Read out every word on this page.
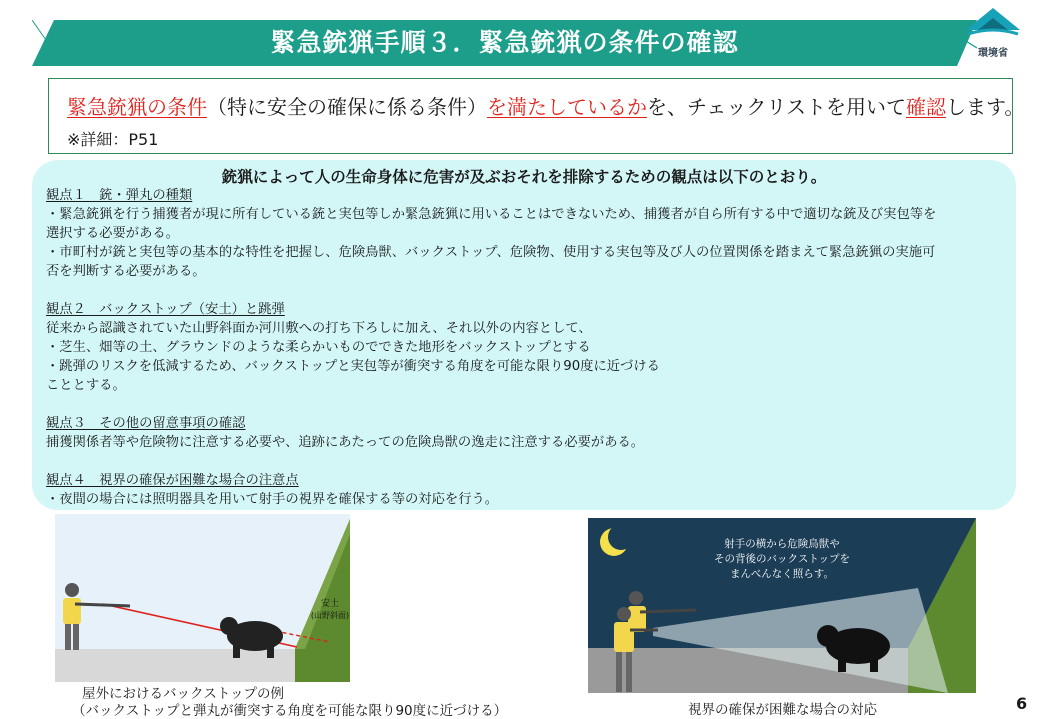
緊急銃猟手順３．緊急銃猟の条件の確認	環境省
緊急銃猟の条件（特に安全の確保に係る条件）を満たしているかを、チェックリストを用いて確認します。
※詳細：P51
銃猟によって人の生命身体に危害が及ぶおそれを排除するための観点は以下のとおり。
観点１　銃・弾丸の種類
・緊急銃猟を行う捕獲者が現に所有している銃と実包等しか緊急銃猟に用いることはできないため、捕獲者が自ら所有する中で適切な銃及び実包等を
選択する必要がある。
・市町村が銃と実包等の基本的な特性を把握し、危険鳥獣、バックストップ、危険物、使用する実包等及び人の位置関係を踏まえて緊急銃猟の実施可
否を判断する必要がある。
観点２　バックストップ（安土）と跳弾
従来から認識されていた山野斜面か河川敷への打ち下ろしに加え、それ以外の内容として、
・芝生、畑等の土、グラウンドのような柔らかいものでできた地形をバックストップとする
・跳弾のリスクを低減するため、バックストップと実包等が衝突する角度を可能な限り90度に近づける
こととする。
観点３　その他の留意事項の確認
捕獲関係者等や危険物に注意する必要や、追跡にあたっての危険鳥獣の逸走に注意する必要がある。
観点４　視界の確保が困難な場合の注意点
・夜間の場合には照明器具を用いて射手の視界を確保する等の対応を行う。
安土
(山野斜面)
屋外におけるバックストップの例
（バックストップと弾丸が衝突する角度を可能な限り90度に近づける）
射手の横から危険鳥獣や
その背後のバックストップを
まんべんなく照らす。
視界の確保が困難な場合の対応	6
